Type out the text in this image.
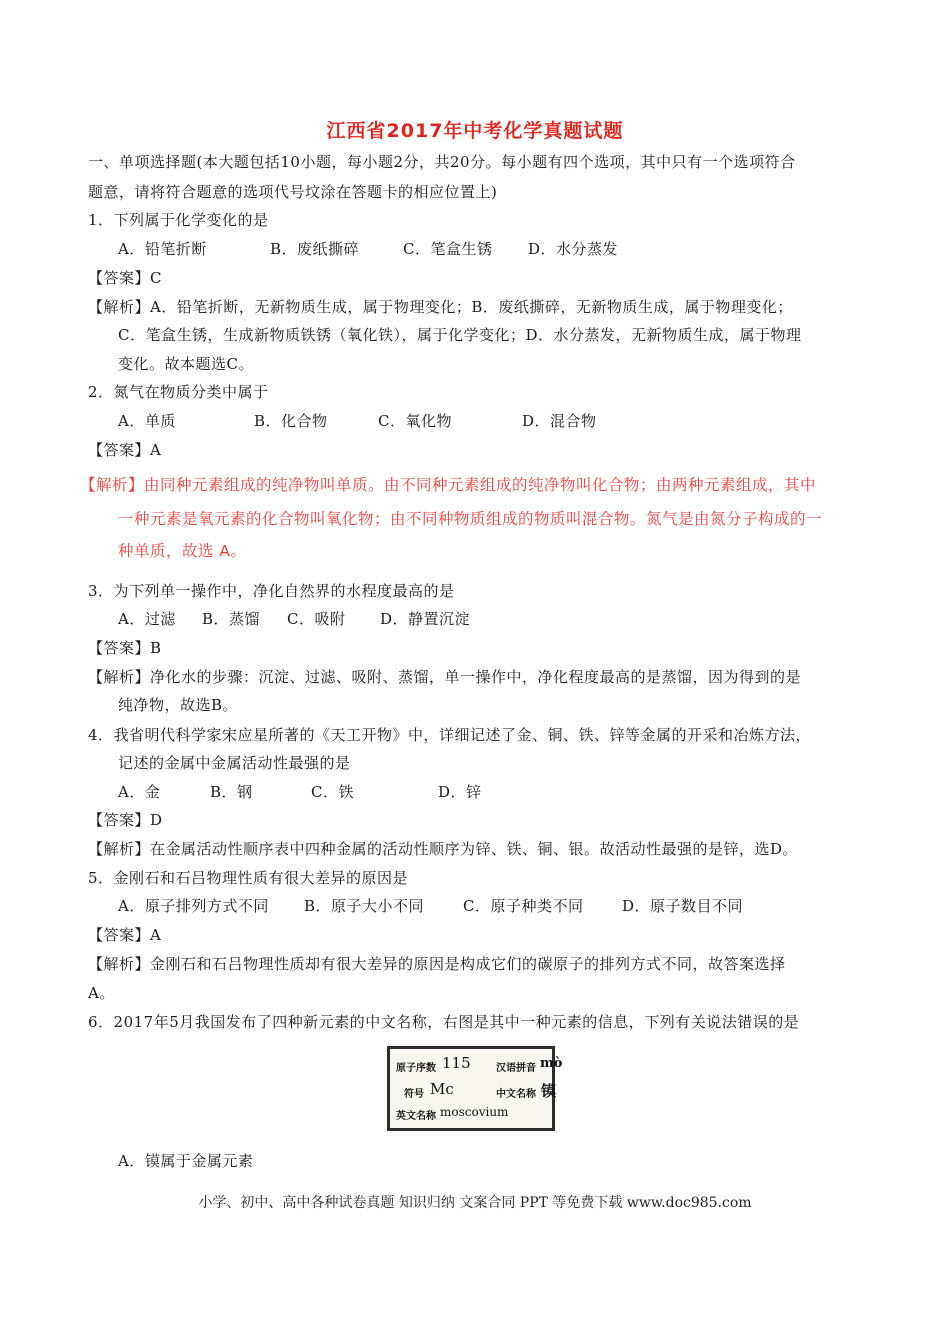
江西省2017年中考化学真题试题
一、单项选择题(本大题包括10小题，每小题2分，共20分。每小题有四个选项，其中只有一个选项符合
题意，请将符合题意的选项代号坟涂在答题卡的相应位置上)
1．下列属于化学变化的是
A．铅笔折断	B．废纸撕碎	C．笔盒生锈 D．水分蒸发
【答案】C
【解析】A．铅笔折断，无新物质生成，属于物理变化；B．废纸撕碎，无新物质生成，属于物理变化；
C．笔盒生锈，生成新物质铁锈（氧化铁），属于化学变化；D．水分蒸发，无新物质生成，属于物理
变化。故本题选C。
2．氮气在物质分类中属于
A．单质	B．化合物	C．氧化物	D．混合物
【答案】A
【解析】由同种元素组成的纯净物叫单质。由不同种元素组成的纯净物叫化合物；由两种元素组成，其中
一种元素是氧元素的化合物叫氧化物；由不同种物质组成的物质叫混合物。氮气是由氮分子构成的一
种单质，故选 A。
3．为下列单一操作中，净化自然界的水程度最高的是
A．过滤 B．蒸馏 C．吸附 D．静置沉淀
【答案】B
【解析】净化水的步骤：沉淀、过滤、吸附、蒸馏，单一操作中，净化程度最高的是蒸馏，因为得到的是
纯净物，故选B。
4．我省明代科学家宋应星所著的《天工开物》中，详细记述了金、铜、铁、锌等金属的开采和冶炼方法，
记述的金属中金属活动性最强的是
A．金	B．钢	C．铁	D．锌
【答案】D
【解析】在金属活动性顺序表中四种金属的活动性顺序为锌、铁、铜、银。故活动性最强的是锌，选D。
5．金刚石和石吕物理性质有很大差异的原因是
A．原子排列方式不同 B．原子大小不同	C．原子种类不同	D．原子数目不同
【答案】A
【解析】金刚石和石吕物理性质却有很大差异的原因是构成它们的碳原子的排列方式不同，故答案选择
A。
6．2017年5月我国发布了四种新元素的中文名称，右图是其中一种元素的信息，下列有关说法错误的是
原子序数 115	汉语拼音 mò
符号 Mc	中文名称 镆
英文名称 moscovium
A．镆属于金属元素
小学、初中、高中各种试卷真题 知识归纳 文案合同 PPT 等免费下载 www.doc985.com
